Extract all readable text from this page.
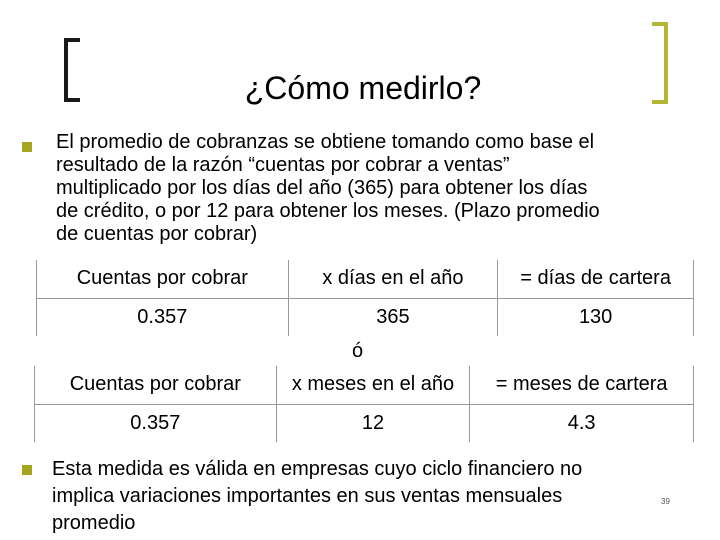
¿Cómo medirlo?
El promedio de cobranzas se obtiene tomando como base el
resultado de la razón “cuentas por cobrar a ventas”
multiplicado por los días del año (365) para obtener los días
de crédito, o por 12 para obtener los meses. (Plazo promedio
de cuentas por cobrar)
Cuentas por cobrar	x días en el año	= días de cartera
0.357	365	130
ó
Cuentas por cobrar	x meses en el año	= meses de cartera
0.357	12	4.3
Esta medida es válida en empresas cuyo ciclo financiero no
implica variaciones importantes en sus ventas mensuales
promedio
39
